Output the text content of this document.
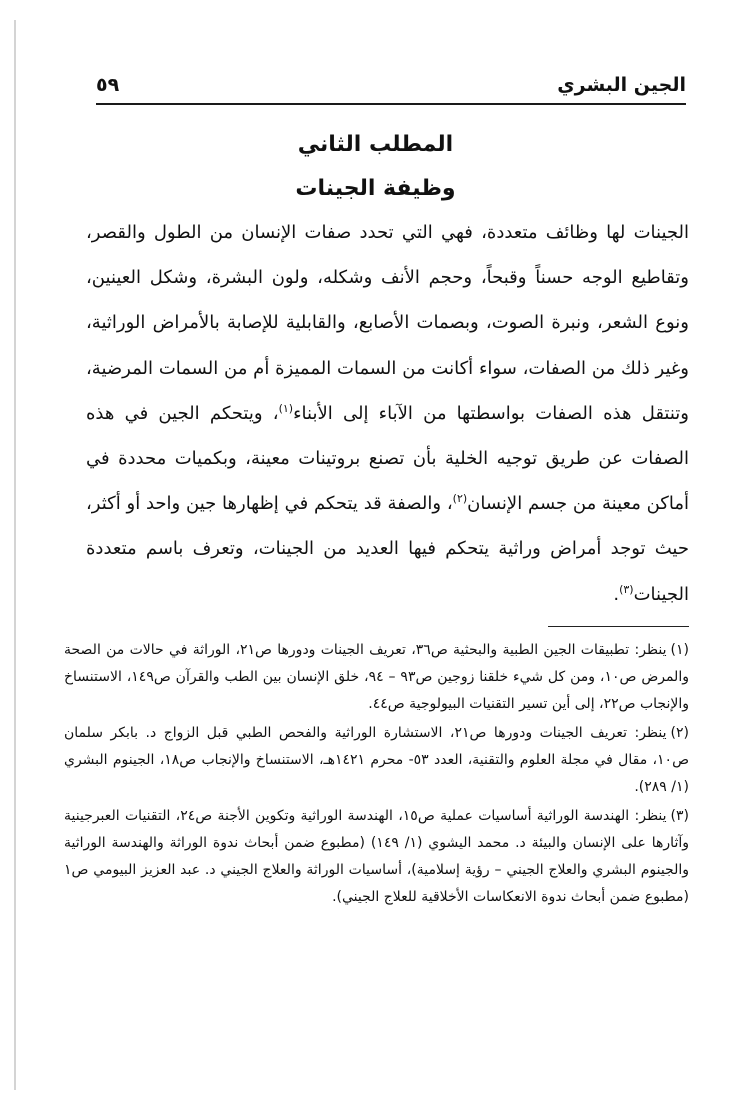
الجين البشري
٥٩
المطلب الثاني
وظيفة الجينات

الجينات لها وظائف متعددة، فهي التي تحدد صفات الإنسان من الطول والقصر، وتقاطيع الوجه حسناً وقبحاً، وحجم الأنف وشكله، ولون البشرة، وشكل العينين، ونوع الشعر، ونبرة الصوت، وبصمات الأصابع، والقابلية للإصابة بالأمراض الوراثية، وغير ذلك من الصفات، سواء أكانت من السمات المميزة أم من السمات المرضية، وتنتقل هذه الصفات بواسطتها من الآباء إلى الأبناء$^{(١)}$، ويتحكم الجين في هذه الصفات عن طريق توجيه الخلية بأن تصنع بروتينات معينة، وبكميات محددة في أماكن معينة من جسم الإنسان$^{(٢)}$، والصفة قد يتحكم في إظهارها جين واحد أو أكثر، حيث توجد أمراض وراثية يتحكم فيها العديد من الجينات، وتعرف باسم متعددة الجينات$^{(٣)}$.

(١)ينظر: تطبيقات الجين الطبية والبحثية ص٣٦، تعريف الجينات ودورها ص٢١، الوراثة في حالات من الصحة والمرض ص١٠، ومن كل شيء خلقنا زوجين ص٩٣ – ٩٤، خلق الإنسان بين الطب والقرآن ص١٤٩، الاستنساخ والإنجاب ص٢٢، إلى أين تسير التقنيات البيولوجية ص٤٤.
(٢)ينظر: تعريف الجينات ودورها ص٢١، الاستشارة الوراثية والفحص الطبي قبل الزواج د. بابكر سلمان ص١٠، مقال في مجلة العلوم والتقنية، العدد ٥٣- محرم ١٤٢١هـ، الاستنساخ والإنجاب ص١٨، الجينوم البشري (١/ ٢٨٩).
(٣)ينظر: الهندسة الوراثية أساسيات عملية ص١٥، الهندسة الوراثية وتكوين الأجنة ص٢٤، التقنيات العبرجينية وآثارها على الإنسان والبيئة د. محمد اليشوي (١/ ١٤٩) (مطبوع ضمن أبحاث ندوة الوراثة والهندسة الوراثية والجينوم البشري والعلاج الجيني – رؤية إسلامية)، أساسيات الوراثة والعلاج الجيني د. عبد العزيز البيومي ص١ (مطبوع ضمن أبحاث ندوة الانعكاسات الأخلاقية للعلاج الجيني).
